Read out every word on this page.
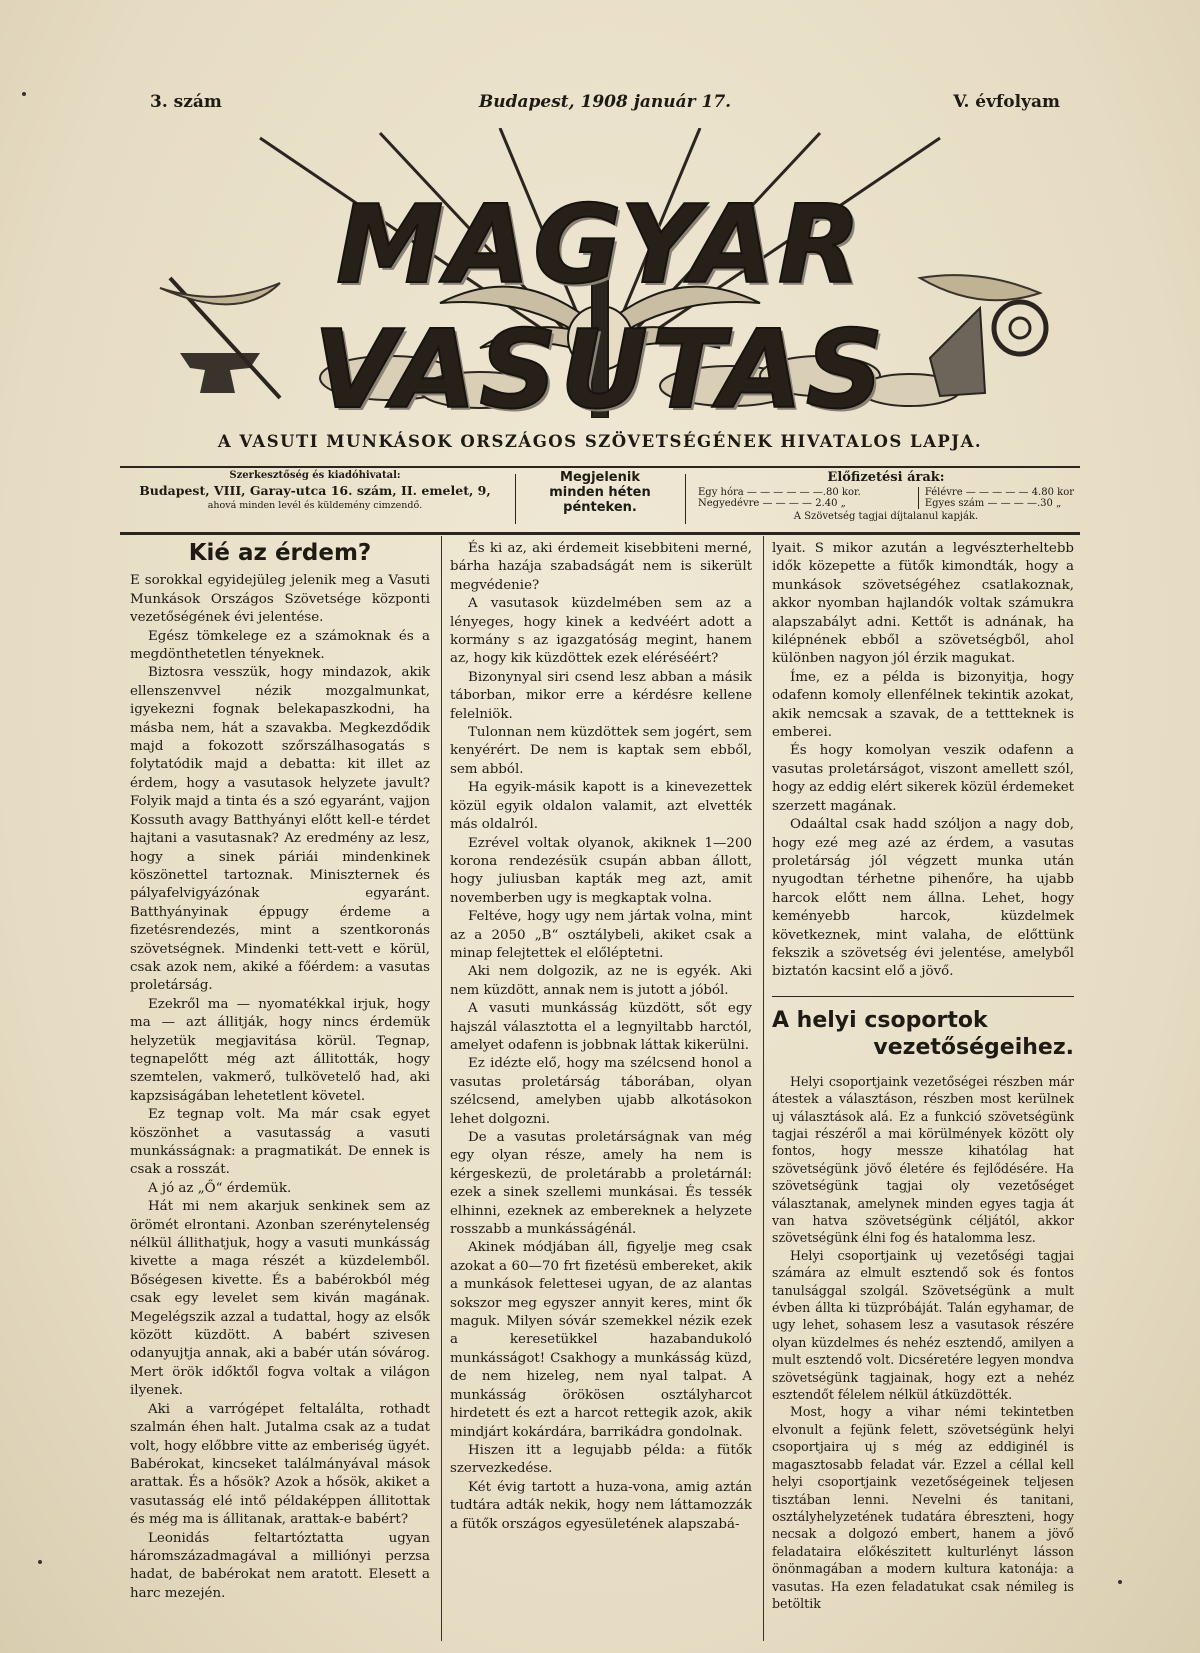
3. szám	Budapest, 1908 január 17.	V. évfolyam
MAGYAR VASUTAS
A VASUTI MUNKÁSOK ORSZÁGOS SZÖVETSÉGÉNEK HIVATALOS LAPJA.
Szerkesztőség és kiadóhivatal:
Budapest, VIII, Garay-utca 16. szám, II. emelet, 9,
ahová minden levél és küldemény cimzendő.
Megjelenik
minden héten
pénteken.
Előfizetési árak:
Egy hóra — — — — — —.80 kor.
Negyedévre — — — — 2.40 „
Félévre — — — — — 4.80 kor
Egyes szám — — — —.30 „
A Szövetség tagjai díjtalanul kapják.
Kié az érdem?

E sorokkal egyidejüleg jelenik meg a Vasuti Munkások Országos Szövetsége központi vezetőségének évi jelentése.

Egész tömkelege ez a számoknak és a megdönthetetlen tényeknek.

Biztosra vesszük, hogy mindazok, akik ellenszenvvel nézik mozgalmunkat, igyekezni fognak belekapaszkodni, ha másba nem, hát a szavakba. Megkezdődik majd a fokozott szőrszálhasogatás s folytatódik majd a debatta: kit illet az érdem, hogy a vasutasok helyzete javult? Folyik majd a tinta és a szó egyaránt, vajjon Kossuth avagy Batthyányi előtt kell-e térdet hajtani a vasutasnak? Az eredmény az lesz, hogy a sinek páriái mindenkinek köszönettel tartoznak. Miniszternek és pályafelvigyázónak egyaránt. Batthyányinak éppugy érdeme a fizetésrendezés, mint a szentkoronás szövetségnek. Mindenki tett-vett e körül, csak azok nem, akiké a főérdem: a vasutas proletárság.

Ezekről ma — nyomatékkal irjuk, hogy ma — azt állitják, hogy nincs érdemük helyzetük megjavitása körül. Tegnap, tegnapelőtt még azt állitották, hogy szemtelen, vakmerő, tulkövetelő had, aki kapzsiságában lehetetlent követel.

Ez tegnap volt. Ma már csak egyet köszönhet a vasutasság a vasuti munkásságnak: a pragmatikát. De ennek is csak a rosszát.

A jó az „Ő“ érdemük.

Hát mi nem akarjuk senkinek sem az örömét elrontani. Azonban szerénytelenség nélkül állithatjuk, hogy a vasuti munkásság kivette a maga részét a küzdelemből. Bőségesen kivette. És a babérokból még csak egy levelet sem kiván magának. Megelégszik azzal a tudattal, hogy az elsők között küzdött. A babért szivesen odanyujtja annak, aki a babér után sóvárog. Mert örök időktől fogva voltak a világon ilyenek.

Aki a varrógépet feltalálta, rothadt szalmán éhen halt. Jutalma csak az a tudat volt, hogy előbbre vitte az emberiség ügyét. Babérokat, kincseket találmányával mások arattak. És a hősök? Azok a hősök, akiket a vasutasság elé intő példaképpen állitottak és még ma is állitanak, arattak-e babért?

Leonidás feltartóztatta ugyan háromszázadmagával a milliónyi perzsa hadat, de babérokat nem aratott. Elesett a harc mezején.

És ki az, aki érdemeit kisebbiteni merné, bárha hazája szabadságát nem is sikerült megvédenie?

A vasutasok küzdelmében sem az a lényeges, hogy kinek a kedvéért adott a kormány s az igazgatóság megint, hanem az, hogy kik küzdöttek ezek eléréséért?

Bizonynyal siri csend lesz abban a másik táborban, mikor erre a kérdésre kellene felelniök.

Tulonnan nem küzdöttek sem jogért, sem kenyérért. De nem is kaptak sem ebből, sem abból.

Ha egyik-másik kapott is a kinevezettek közül egyik oldalon valamit, azt elvették más oldalról.

Ezrével voltak olyanok, akiknek 1—200 korona rendezésük csupán abban állott, hogy juliusban kapták meg azt, amit novemberben ugy is megkaptak volna.

Feltéve, hogy ugy nem jártak volna, mint az a 2050 „B“ osztálybeli, akiket csak a minap felejtettek el előléptetni.

Aki nem dolgozik, az ne is egyék. Aki nem küzdött, annak nem is jutott a jóból.

A vasuti munkásság küzdött, sőt egy hajszál választotta el a legnyiltabb harctól, amelyet odafenn is jobbnak láttak kikerülni.

Ez idézte elő, hogy ma szélcsend honol a vasutas proletárság táborában, olyan szélcsend, amelyben ujabb alkotásokon lehet dolgozni.

De a vasutas proletárságnak van még egy olyan része, amely ha nem is kérgeskezü, de proletárabb a proletárnál: ezek a sinek szellemi munkásai. És tessék elhinni, ezeknek az embereknek a helyzete rosszabb a munkásságénál.

Akinek módjában áll, figyelje meg csak azokat a 60—70 frt fizetésü embereket, akik a munkások felettesei ugyan, de az alantas sokszor meg egyszer annyit keres, mint ők maguk. Milyen sóvár szemekkel nézik ezek a keresetükkel hazabandukoló munkásságot! Csakhogy a munkásság küzd, de nem hizeleg, nem nyal talpat. A munkásság örökösen osztályharcot hirdetett és ezt a harcot rettegik azok, akik mindjárt kokárdára, barrikádra gondolnak.

Hiszen itt a legujabb példa: a fütők szervezkedése.

Két évig tartott a huza-vona, amig aztán tudtára adták nekik, hogy nem láttamozzák a fütők országos egyesületének alapszabá-

lyait. S mikor azután a legvészterheltebb idők közepette a fütők kimondták, hogy a munkások szövetségéhez csatlakoznak, akkor nyomban hajlandók voltak számukra alapszabályt adni. Kettőt is adnának, ha kilépnének ebből a szövetségből, ahol különben nagyon jól érzik magukat.

Íme, ez a példa is bizonyitja, hogy odafenn komoly ellenfélnek tekintik azokat, akik nemcsak a szavak, de a tettteknek is emberei.

És hogy komolyan veszik odafenn a vasutas proletárságot, viszont amellett szól, hogy az eddig elért sikerek közül érdemeket szerzett magának.

Odaáltal csak hadd szóljon a nagy dob, hogy ezé meg azé az érdem, a vasutas proletárság jól végzett munka után nyugodtan térhetne pihenőre, ha ujabb harcok előtt nem állna. Lehet, hogy keményebb harcok, küzdelmek következnek, mint valaha, de előttünk fekszik a szövetség évi jelentése, amelyből biztatón kacsint elő a jövő.

A helyi csoportok
vezetőségeihez.

Helyi csoportjaink vezetőségei részben már átestek a választáson, részben most kerülnek uj választások alá. Ez a funkció szövetségünk tagjai részéről a mai körülmények között oly fontos, hogy messze kihatólag hat szövetségünk jövő életére és fejlődésére. Ha szövetségünk tagjai oly vezetőséget választanak, amelynek minden egyes tagja át van hatva szövetségünk céljától, akkor szövetségünk élni fog és hatalomma lesz.

Helyi csoportjaink uj vezetőségi tagjai számára az elmult esztendő sok és fontos tanulsággal szolgál. Szövetségünk a mult évben állta ki tüzpróbáját. Talán egyhamar, de ugy lehet, sohasem lesz a vasutasok részére olyan küzdelmes és nehéz esztendő, amilyen a mult esztendő volt. Dicséretére legyen mondva szövetségünk tagjainak, hogy ezt a nehéz esztendőt félelem nélkül átküzdötték.

Most, hogy a vihar némi tekintetben elvonult a fejünk felett, szövetségünk helyi csoportjaira uj s még az eddiginél is magasztosabb feladat vár. Ezzel a céllal kell helyi csoportjaink vezetőségeinek teljesen tisztában lenni. Nevelni és tanitani, osztályhelyzetének tudatára ébreszteni, hogy necsak a dolgozó embert, hanem a jövő feladataira előkészitett kulturlényt lásson önönmagában a modern kultura katonája: a vasutas. Ha ezen feladatukat csak némileg is betöltik
